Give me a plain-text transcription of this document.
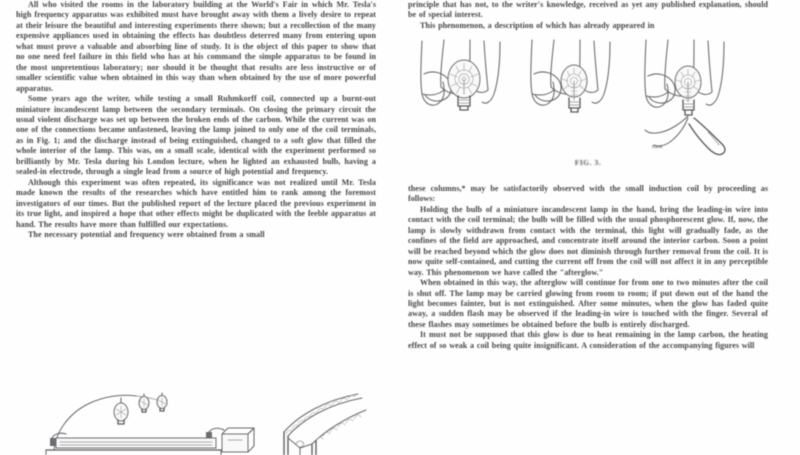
All who visited the rooms in the laboratory building at the World's Fair in which Mr. Tesla's high frequency apparatus was exhibited must have brought away with them a lively desire to repeat at their leisure the beautiful and interesting experiments there shown; but a recollection of the many expensive appliances used in obtaining the effects has doubtless deterred many from entering upon what must prove a valuable and absorbing line of study. It is the object of this paper to show that no one need feel failure in this field who has at his command the simple apparatus to be found in the most unpretentious laboratory; nor should it be thought that results are less instructive or of smaller scientific value when obtained in this way than when obtained by the use of more powerful apparatus.

Some years ago the writer, while testing a small Ruhmkorff coil, connected up a burnt-out miniature incandescent lamp between the secondary terminals. On closing the primary circuit the usual violent discharge was set up between the broken ends of the carbon. While the current was on one of the connections became unfastened, leaving the lamp joined to only one of the coil terminals, as in Fig. 1; and the discharge instead of being extinguished, changed to a soft glow that filled the whole interior of the lamp. This was, on a small scale, identical with the experiment performed so brilliantly by Mr. Tesla during his London lecture, when he lighted an exhausted bulb, having a sealed-in electrode, through a single lead from a source of high potential and frequency.

Although this experiment was often repeated, its significance was not realized until Mr. Tesla made known the results of the researches which have entitled him to rank among the foremost investigators of our times. But the published report of the lecture placed the previous experiment in its true light, and inspired a hope that other effects might be duplicated with the feeble apparatus at hand. The results have more than fulfilled our expectations.

The necessary potential and frequency were obtained from a small

principle that has not, to the writer's knowledge, received as yet any published explanation, should be of special interest.

This phenomenon, a description of which has already appeared in

flash
FIG. 3.

these columns,* may be satisfactorily observed with the small induction coil by proceeding as follows:

Holding the bulb of a miniature incandescent lamp in the hand, bring the leading-in wire into contact with the coil terminal; the bulb will be filled with the usual phosphorescent glow. If, now, the lamp is slowly withdrawn from contact with the terminal, this light will gradually fade, as the confines of the field are approached, and concentrate itself around the interior carbon. Soon a point will be reached beyond which the glow does not diminish through further removal from the coil. It is now quite self-contained, and cutting the current off from the coil will not affect it in any perceptible way. This phenomenon we have called the "afterglow."

When obtained in this way, the afterglow will continue for from one to two minutes after the coil is shut off. The lamp may be carried glowing from room to room; if put down out of the hand the light becomes fainter, but is not extinguished. After some minutes, when the glow has faded quite away, a sudden flash may be observed if the leading-in wire is touched with the finger. Several of these flashes may sometimes be obtained before the bulb is entirely discharged.

It must not be supposed that this glow is due to heat remaining in the lamp carbon, the heating effect of so weak a coil being quite insignificant. A consideration of the accompanying figures will
